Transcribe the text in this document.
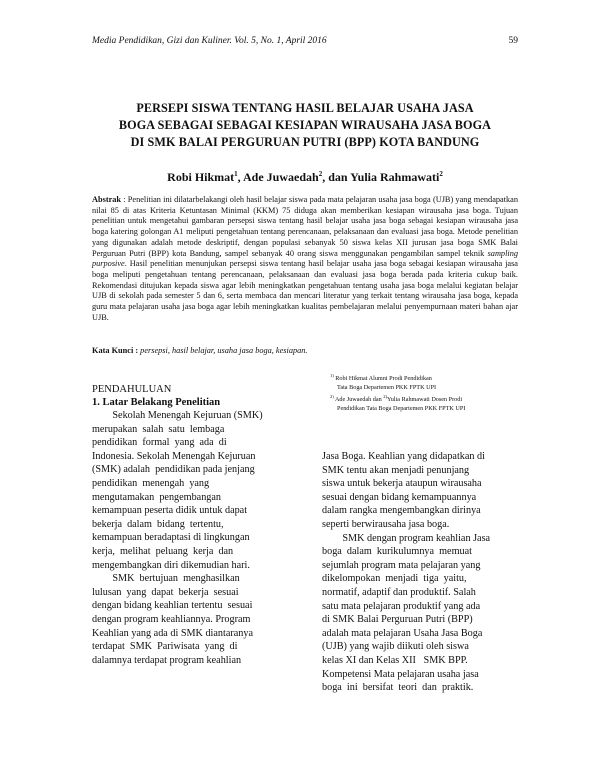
Media Pendidikan, Gizi dan Kuliner. Vol. 5, No. 1, April 2016	59
PERSEPI SISWA TENTANG HASIL BELAJAR USAHA JASA
BOGA SEBAGAI SEBAGAI KESIAPAN WIRAUSAHA JASA BOGA
DI SMK BALAI PERGURUAN PUTRI (BPP) KOTA BANDUNG
Robi Hikmat$^1$, Ade Juwaedah$^2$, dan Yulia Rahmawati$^2$
Abstrak : Penelitian ini dilatarbelakangi oleh hasil belajar siswa pada mata pelajaran usaha jasa boga (UJB) yang mendapatkan nilai 85 di atas Kriteria Ketuntasan Minimal (KKM) 75 diduga akan memberikan kesiapan wirausaha jasa boga. Tujuan penelitian untuk mengetahui gambaran persepsi siswa tentang hasil belajar usaha jasa boga sebagai kesiapan wirausaha jasa boga katering golongan A1 meliputi pengetahuan tentang perencanaan, pelaksanaan dan evaluasi jasa boga. Metode penelitian yang digunakan adalah metode deskriptif, dengan populasi sebanyak 50 siswa kelas XII jurusan jasa boga SMK Balai Perguruan Putri (BPP) kota Bandung, sampel sebanyak 40 orang siswa menggunakan pengambilan sampel teknik sampling purposive. Hasil penelitian menunjukan persepsi siswa tentang hasil belajar usaha jasa boga sebagai kesiapan wirausaha jasa boga meliputi pengetahuan tentang perencanaan, pelaksanaan dan evaluasi jasa boga berada pada kriteria cukup baik. Rekomendasi ditujukan kepada siswa agar lebih meningkatkan pengetahuan tentang usaha jasa boga melalui kegiatan belajar UJB di sekolah pada semester 5 dan 6, serta membaca dan mencari literatur yang terkait tentang wirausaha jasa boga, kepada guru mata pelajaran usaha jasa boga agar lebih meningkatkan kualitas pembelajaran melalui penyempurnaan materi bahan ajar UJB.
Kata Kunci : persepsi, hasil belajar, usaha jasa boga, kesiapan.
$^{1)}$ Robi Hikmat Alumni Prodi Pendidikan
Tata Boga Departemen PKK FPTK UPI
$^{2)}$ Ade Juwaedah dan $^{2)}$Yulia Rahmawati Dosen Prodi
Pendidikan Tata Boga Departemen PKK FPTK UPI
PENDAHULUAN
1. Latar Belakang Penelitian
Sekolah Menengah Kejuruan (SMK)
merupakan  salah  satu  lembaga
pendidikan  formal  yang  ada  di
Indonesia. Sekolah Menengah Kejuruan
(SMK) adalah  pendidikan pada jenjang
pendidikan  menengah  yang
mengutamakan  pengembangan
kemampuan peserta didik untuk dapat
bekerja  dalam  bidang  tertentu,
kemampuan beradaptasi di lingkungan
kerja,  melihat  peluang  kerja  dan
mengembangkan diri dikemudian hari.
SMK  bertujuan  menghasilkan
lulusan  yang  dapat  bekerja  sesuai
dengan bidang keahlian tertentu  sesuai
dengan program keahliannya. Program
Keahlian yang ada di SMK diantaranya
terdapat  SMK  Pariwisata  yang  di
dalamnya terdapat program keahlian
Jasa Boga. Keahlian yang didapatkan di
SMK tentu akan menjadi penunjang
siswa untuk bekerja ataupun wirausaha
sesuai dengan bidang kemampuannya
dalam rangka mengembangkan dirinya
seperti berwirausaha jasa boga.
SMK dengan program keahlian Jasa
boga  dalam  kurikulumnya  memuat
sejumlah program mata pelajaran yang
dikelompokan  menjadi  tiga  yaitu,
normatif, adaptif dan produktif. Salah
satu mata pelajaran produktif yang ada
di SMK Balai Perguruan Putri (BPP)
adalah mata pelajaran Usaha Jasa Boga
(UJB) yang wajib diikuti oleh siswa
kelas XI dan Kelas XII   SMK BPP.
Kompetensi Mata pelajaran usaha jasa
boga  ini  bersifat  teori  dan  praktik.
